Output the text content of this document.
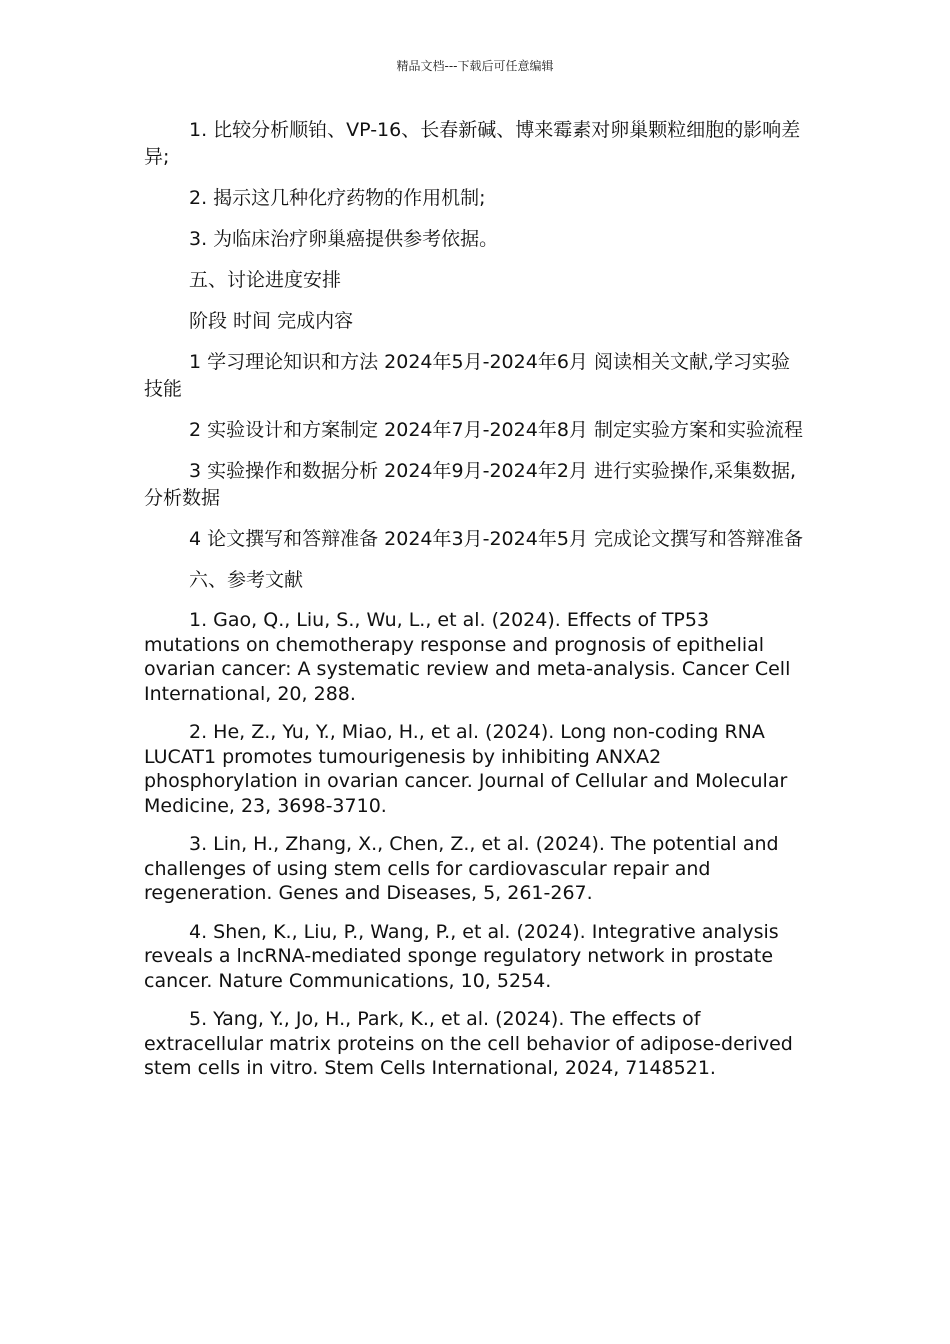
精品文档---下载后可任意编辑

1. 比较分析顺铂、VP-16、长春新碱、博来霉素对卵巢颗粒细胞的影响差异;

2. 揭示这几种化疗药物的作用机制;

3. 为临床治疗卵巢癌提供参考依据。

五、讨论进度安排

阶段 时间 完成内容

1 学习理论知识和方法 2024年5月-2024年6月 阅读相关文献,学习实验技能

2 实验设计和方案制定 2024年7月-2024年8月 制定实验方案和实验流程

3 实验操作和数据分析 2024年9月-2024年2月 进行实验操作,采集数据,分析数据

4 论文撰写和答辩准备 2024年3月-2024年5月 完成论文撰写和答辩准备

六、参考文献

1. Gao, Q., Liu, S., Wu, L., et al. (2024). Effects of TP53 mutations on chemotherapy response and prognosis of epithelial ovarian cancer: A systematic review and meta-analysis. Cancer Cell International, 20, 288.

2. He, Z., Yu, Y., Miao, H., et al. (2024). Long non-coding RNA LUCAT1 promotes tumourigenesis by inhibiting ANXA2 phosphorylation in ovarian cancer. Journal of Cellular and Molecular Medicine, 23, 3698-3710.

3. Lin, H., Zhang, X., Chen, Z., et al. (2024). The potential and challenges of using stem cells for cardiovascular repair and regeneration. Genes and Diseases, 5, 261-267.

4. Shen, K., Liu, P., Wang, P., et al. (2024). Integrative analysis reveals a lncRNA-mediated sponge regulatory network in prostate cancer. Nature Communications, 10, 5254.

5. Yang, Y., Jo, H., Park, K., et al. (2024). The effects of extracellular matrix proteins on the cell behavior of adipose-derived stem cells in vitro. Stem Cells International, 2024, 7148521.
